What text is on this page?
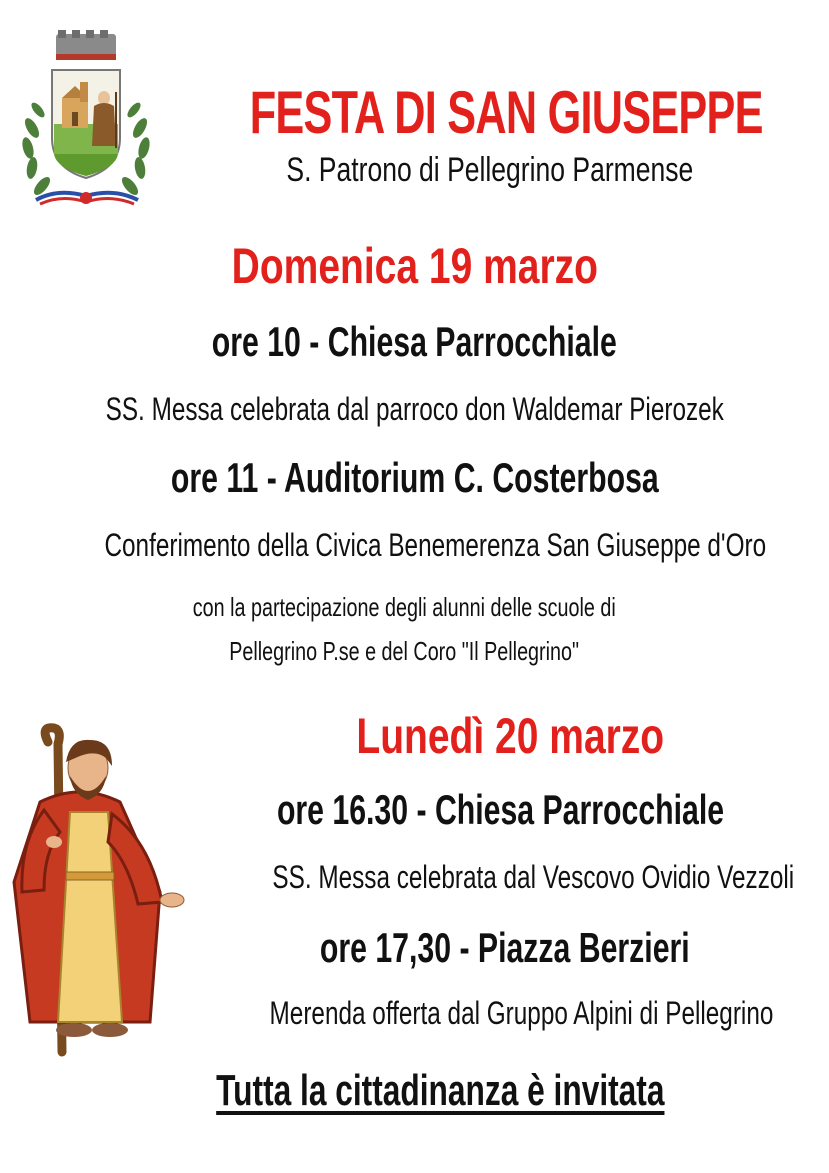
FESTA DI SAN GIUSEPPE
S. Patrono di Pellegrino Parmense
Domenica 19 marzo
ore 10 - Chiesa Parrocchiale
SS. Messa celebrata dal parroco don Waldemar Pierozek
ore 11 - Auditorium C. Costerbosa
Conferimento della Civica Benemerenza San Giuseppe d'Oro
con la partecipazione degli alunni delle scuole di
Pellegrino P.se e del Coro "Il Pellegrino"
Lunedì 20 marzo
ore 16.30 - Chiesa Parrocchiale
SS. Messa celebrata dal Vescovo Ovidio Vezzoli
ore 17,30 - Piazza Berzieri
Merenda offerta dal Gruppo Alpini di Pellegrino
Tutta la cittadinanza è invitata
